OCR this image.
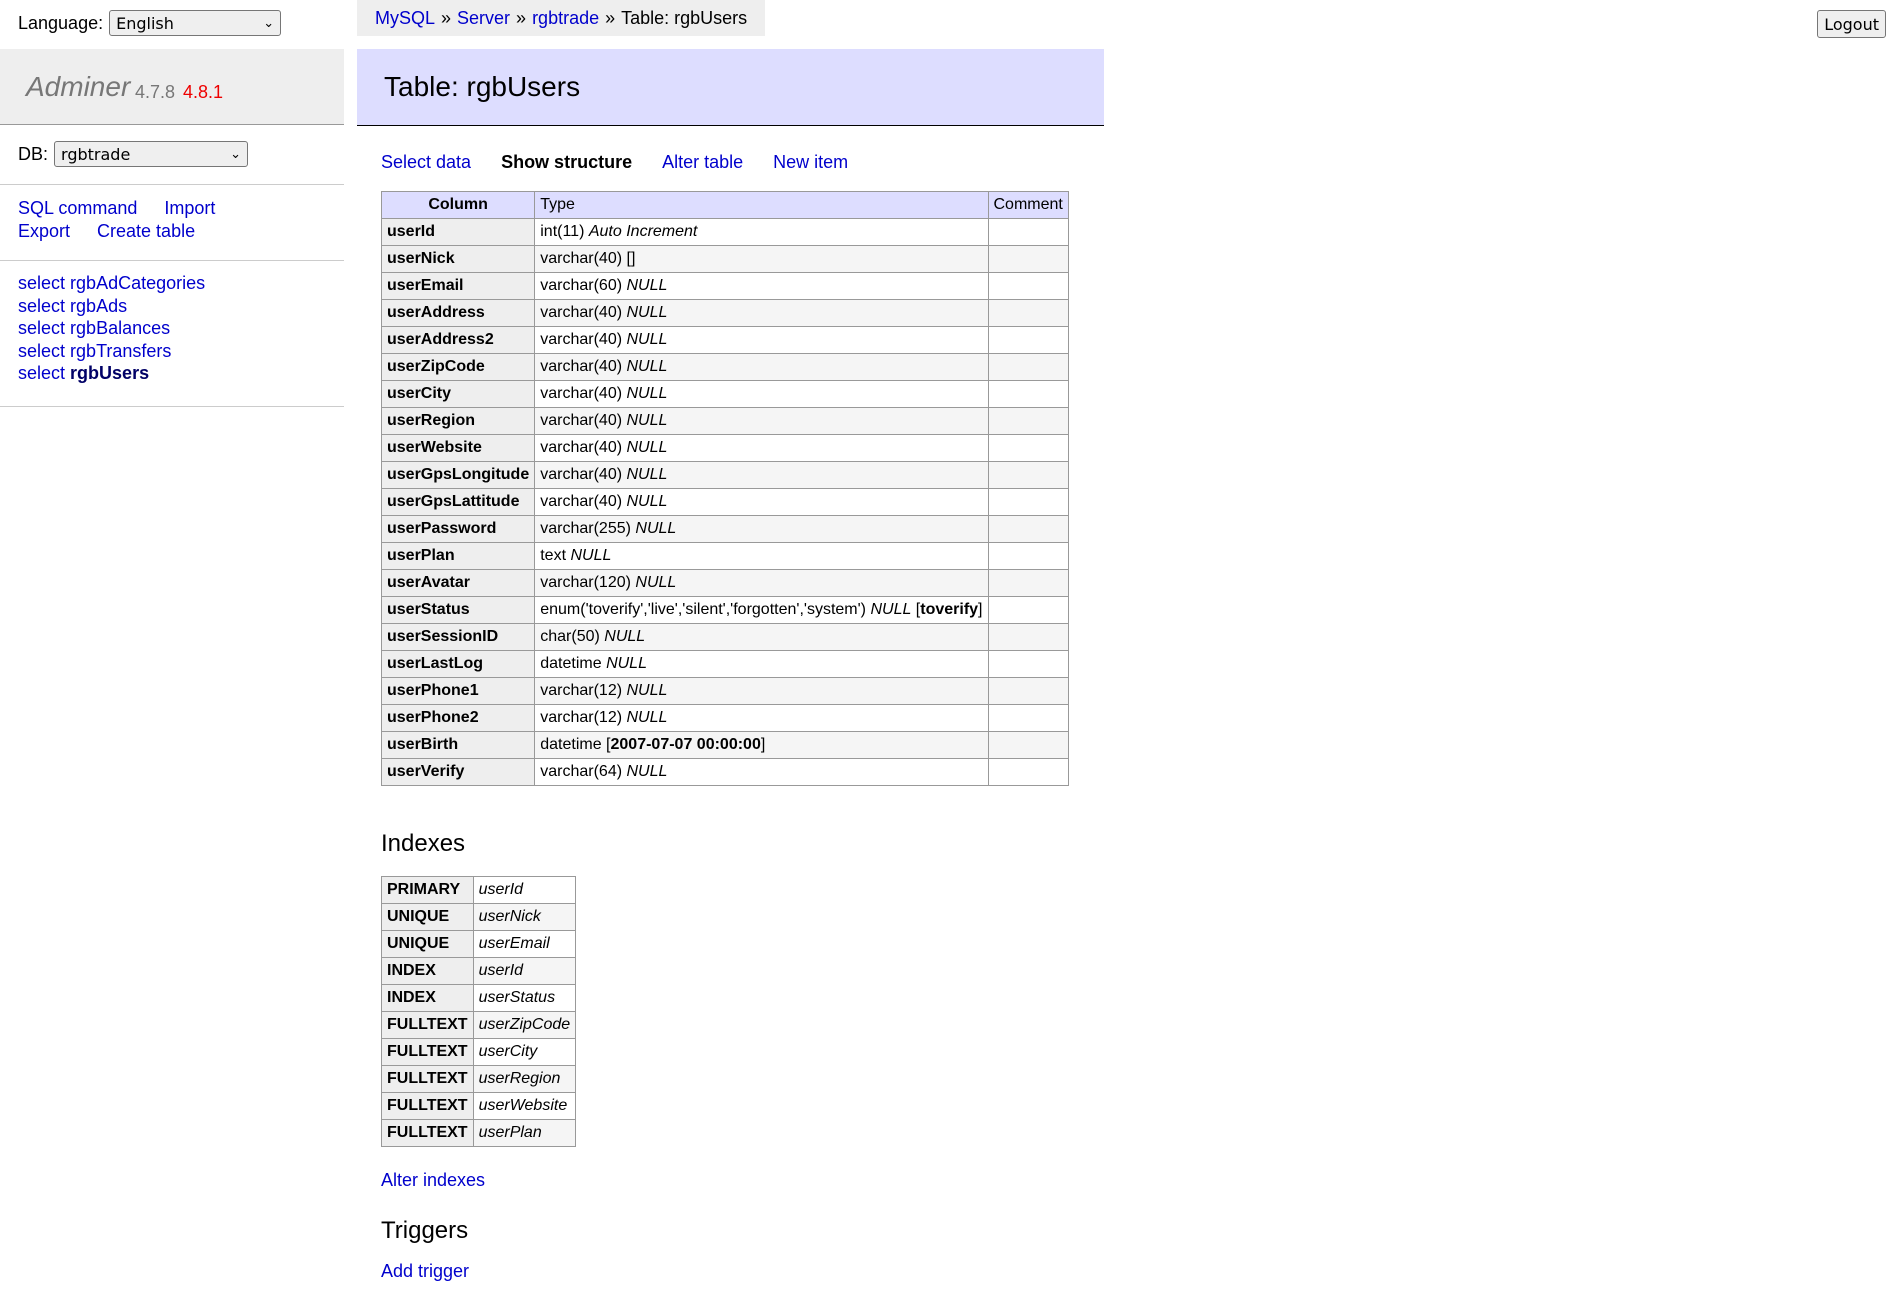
Language: English	⌄
Adminer 4.7.8 4.8.1
DB: rgbtrade	⌄
SQL command Import
Export Create table
select rgbAdCategories
select rgbAds
select rgbBalances
select rgbTransfers
select rgbUsers
MySQL » Server » rgbtrade » Table: rgbUsers	Logout
Table: rgbUsers
Select data Show structure Alter table New item
Column	Type	Comment
userId	int(11) Auto Increment	
userNick	varchar(40) []	
userEmail	varchar(60) NULL	
userAddress	varchar(40) NULL	
userAddress2	varchar(40) NULL	
userZipCode	varchar(40) NULL	
userCity	varchar(40) NULL	
userRegion	varchar(40) NULL	
userWebsite	varchar(40) NULL	
userGpsLongitude	varchar(40) NULL	
userGpsLattitude	varchar(40) NULL	
userPassword	varchar(255) NULL	
userPlan	text NULL	
userAvatar	varchar(120) NULL	
userStatus	enum('toverify','live','silent','forgotten','system') NULL [toverify]	
userSessionID	char(50) NULL	
userLastLog	datetime NULL	
userPhone1	varchar(12) NULL	
userPhone2	varchar(12) NULL	
userBirth	datetime [2007-07-07 00:00:00]	
userVerify	varchar(64) NULL	
Indexes
PRIMARY	userId
UNIQUE	userNick
UNIQUE	userEmail
INDEX	userId
INDEX	userStatus
FULLTEXT	userZipCode
FULLTEXT	userCity
FULLTEXT	userRegion
FULLTEXT	userWebsite
FULLTEXT	userPlan
Alter indexes
Triggers
Add trigger
